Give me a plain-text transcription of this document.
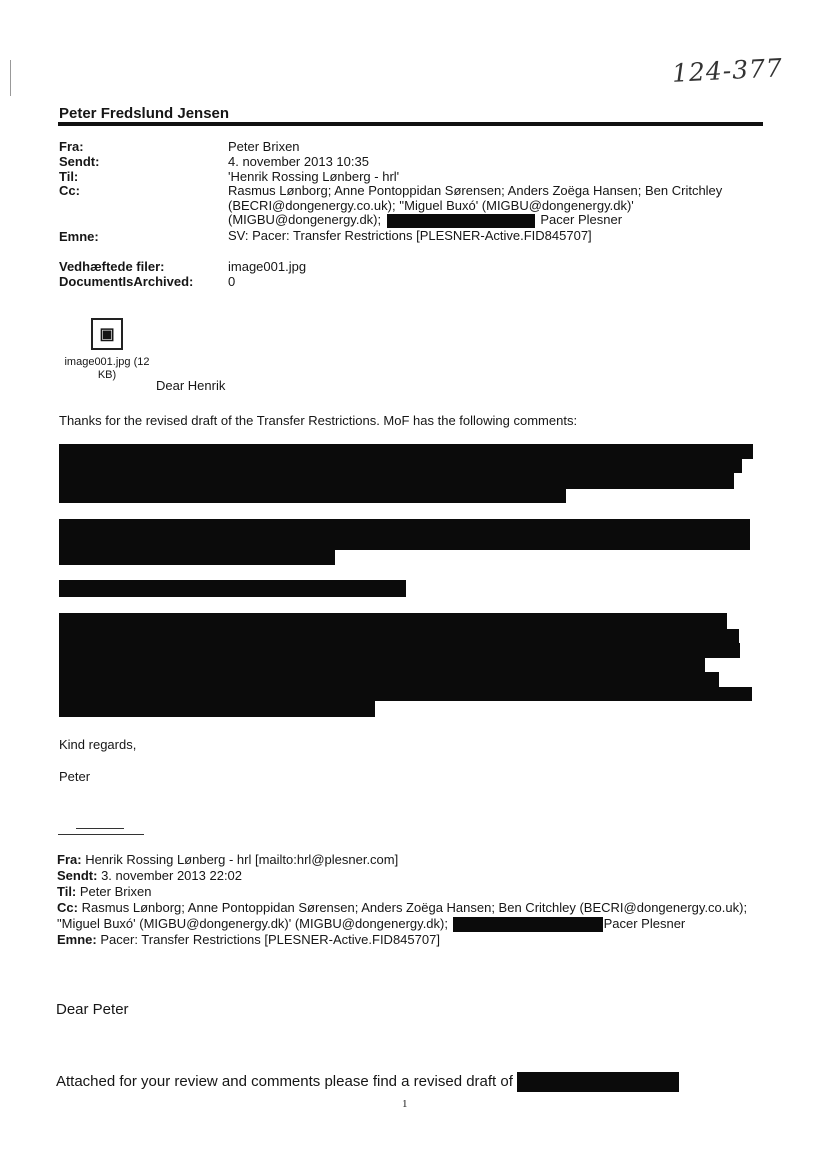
124-377
Peter Fredslund Jensen
Fra:	Peter Brixen
Sendt:	4. november 2013 10:35
Til:	'Henrik Rossing Lønberg - hrl'
Cc:	Rasmus Lønborg; Anne Pontoppidan Sørensen; Anders Zoëga Hansen; Ben Critchley
(BECRI@dongenergy.co.uk); ''Miguel Buxó' (MIGBU@dongenergy.dk)'
(MIGBU@dongenergy.dk);	Pacer Plesner
Emne:	SV: Pacer: Transfer Restrictions [PLESNER-Active.FID845707]
Vedhæftede filer:	image001.jpg
DocumentIsArchived:	0
▣
image001.jpg (12 KB)
Dear Henrik
Thanks for the revised draft of the Transfer Restrictions. MoF has the following comments:
Kind regards,
Peter
Fra: Henrik Rossing Lønberg - hrl [mailto:hrl@plesner.com]
Sendt: 3. november 2013 22:02
Til: Peter Brixen
Cc: Rasmus Lønborg; Anne Pontoppidan Sørensen; Anders Zoëga Hansen; Ben Critchley (BECRI@dongenergy.co.uk);
"Miguel Buxó' (MIGBU@dongenergy.dk)' (MIGBU@dongenergy.dk);	Pacer Plesner
Emne: Pacer: Transfer Restrictions [PLESNER-Active.FID845707]
Dear Peter
Attached for your review and comments please find a revised draft of
1
